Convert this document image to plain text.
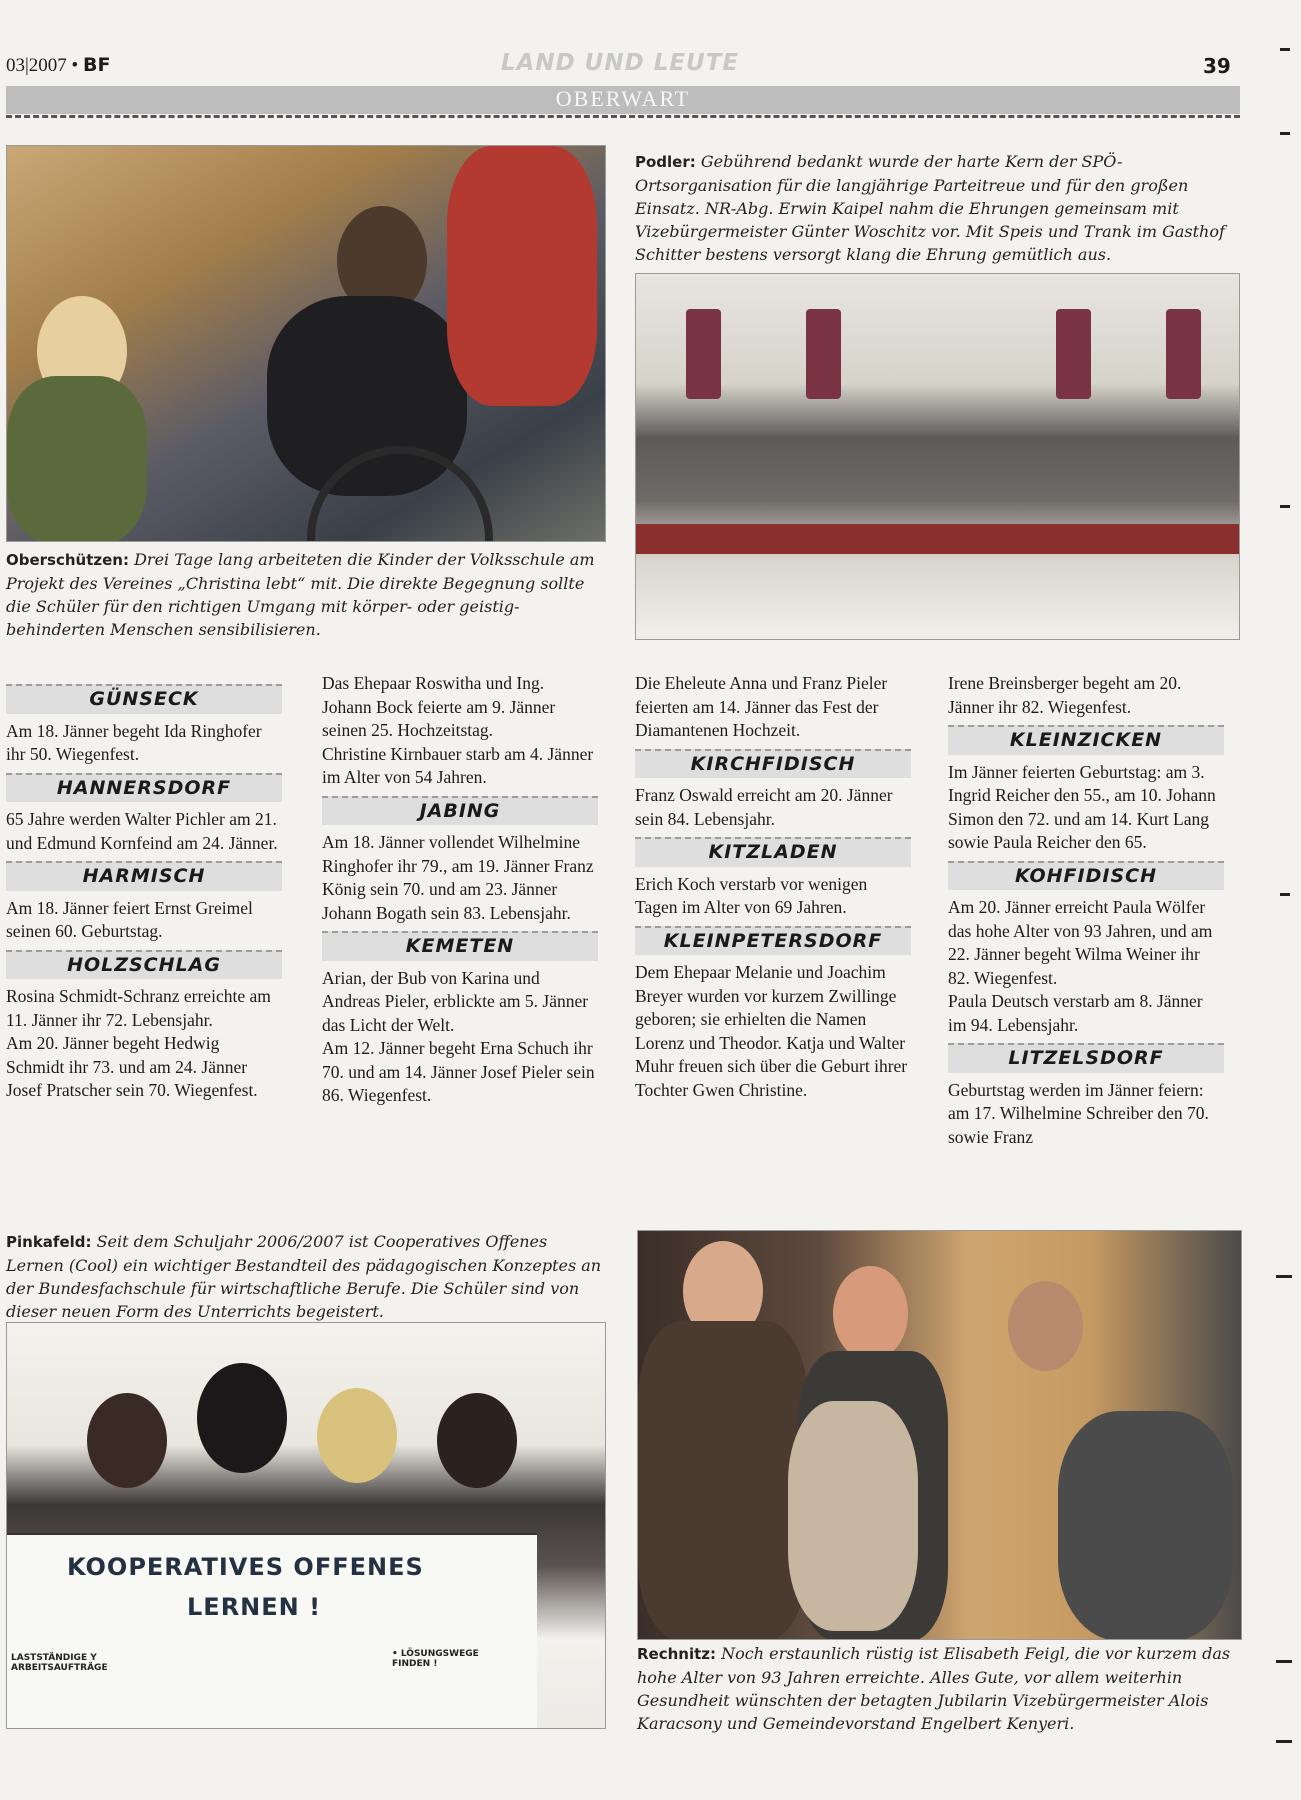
03|2007 • BF	LAND UND LEUTE	39
OBERWART
Oberschützen: Drei Tage lang arbeiteten die Kinder der Volksschule am Projekt des Vereines „Christina lebt“ mit. Die direkte Begegnung sollte die Schüler für den richtigen Umgang mit körper- oder geistig-behinderten Menschen sensibilisieren.
Podler: Gebührend bedankt wurde der harte Kern der SPÖ-Ortsorganisation für die langjährige Parteitreue und für den großen Einsatz. NR-Abg. Erwin Kaipel nahm die Ehrungen gemeinsam mit Vizebürgermeister Günter Woschitz vor. Mit Speis und Trank im Gasthof Schitter bestens versorgt klang die Ehrung gemütlich aus.
GÜNSECK

Am 18. Jänner begeht Ida Ringhofer ihr 50. Wiegenfest.

HANNERSDORF

65 Jahre werden Walter Pichler am 21. und Edmund Kornfeind am 24. Jänner.

HARMISCH

Am 18. Jänner feiert Ernst Greimel seinen 60. Geburtstag.

HOLZSCHLAG

Rosina Schmidt-Schranz erreichte am 11. Jänner ihr 72. Lebensjahr.

Am 20. Jänner begeht Hedwig Schmidt ihr 73. und am 24. Jänner Josef Pratscher sein 70. Wiegenfest.

Das Ehepaar Roswitha und Ing. Johann Bock feierte am 9. Jänner seinen 25. Hochzeitstag.

Christine Kirnbauer starb am 4. Jänner im Alter von 54 Jahren.

JABING

Am 18. Jänner vollendet Wilhelmine Ringhofer ihr 79., am 19. Jänner Franz König sein 70. und am 23. Jänner Johann Bogath sein 83. Lebensjahr.

KEMETEN

Arian, der Bub von Karina und Andreas Pieler, erblickte am 5. Jänner das Licht der Welt.

Am 12. Jänner begeht Erna Schuch ihr 70. und am 14. Jänner Josef Pieler sein 86. Wiegenfest.

Die Eheleute Anna und Franz Pieler feierten am 14. Jänner das Fest der Diamantenen Hochzeit.

KIRCHFIDISCH

Franz Oswald erreicht am 20. Jänner sein 84. Lebensjahr.

KITZLADEN

Erich Koch verstarb vor wenigen Tagen im Alter von 69 Jahren.

KLEINPETERSDORF

Dem Ehepaar Melanie und Joachim Breyer wurden vor kurzem Zwillinge geboren; sie erhielten die Namen Lorenz und Theodor. Katja und Walter Muhr freuen sich über die Geburt ihrer Tochter Gwen Christine.

Irene Breinsberger begeht am 20. Jänner ihr 82. Wiegenfest.

KLEINZICKEN

Im Jänner feierten Geburtstag: am 3. Ingrid Reicher den 55., am 10. Johann Simon den 72. und am 14. Kurt Lang sowie Paula Reicher den 65.

KOHFIDISCH

Am 20. Jänner erreicht Paula Wölfer das hohe Alter von 93 Jahren, und am 22. Jänner begeht Wilma Weiner ihr 82. Wiegenfest.

Paula Deutsch verstarb am 8. Jänner im 94. Lebensjahr.

LITZELSDORF

Geburtstag werden im Jänner feiern: am 17. Wilhelmine Schreiber den 70. sowie Franz

Pinkafeld: Seit dem Schuljahr 2006/2007 ist Cooperatives Offenes Lernen (Cool) ein wichtiger Bestandteil des pädagogischen Konzeptes an der Bundesfachschule für wirtschaftliche Berufe. Die Schüler sind von dieser neuen Form des Unterrichts begeistert.
KOOPERATIVES OFFENES
LERNEN !
LASTSTÄNDIGE Y ARBEITSAUFTRÄGE
• LÖSUNGSWEGE FINDEN !
Rechnitz: Noch erstaunlich rüstig ist Elisabeth Feigl, die vor kurzem das hohe Alter von 93 Jahren erreichte. Alles Gute, vor allem weiterhin Gesundheit wünschten der betagten Jubilarin Vizebürgermeister Alois Karacsony und Gemeindevorstand Engelbert Kenyeri.
